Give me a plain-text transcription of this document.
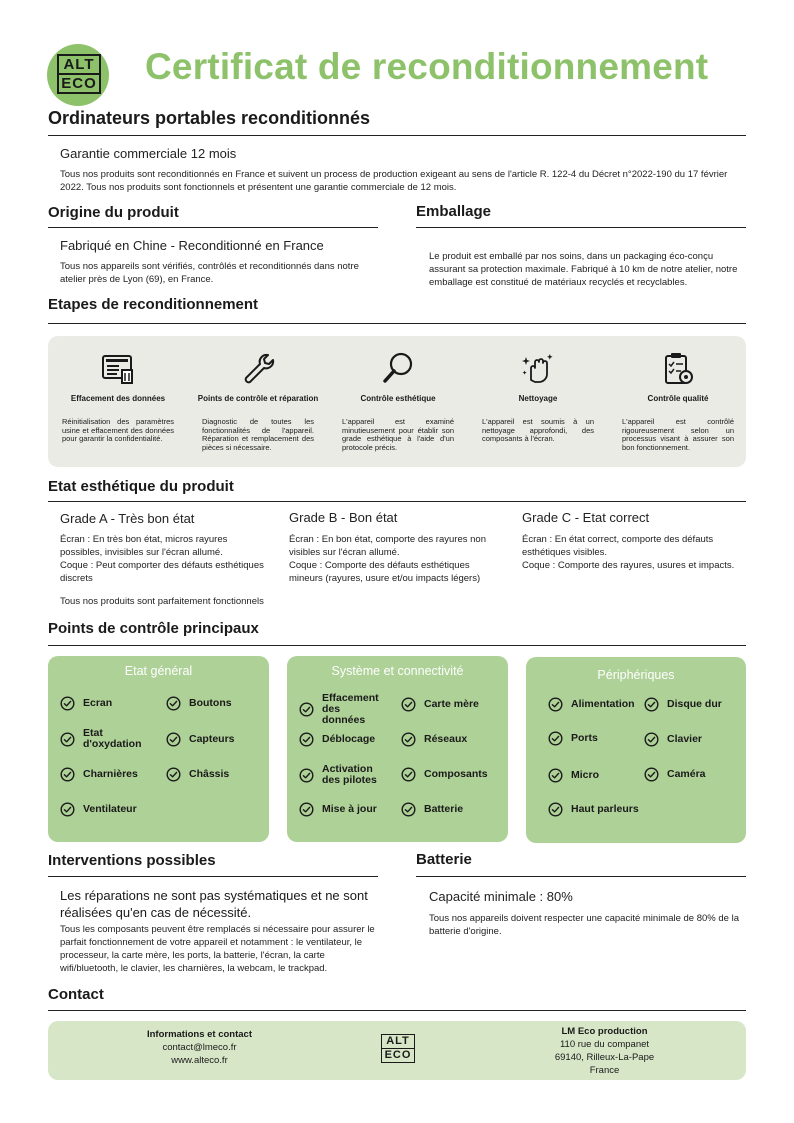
ALT
ECO Certificat de reconditionnement
Ordinateurs portables reconditionnés
Garantie commerciale 12 mois
Tous nos produits sont reconditionnés en France et suivent un process de production exigeant au sens de l'article R. 122-4 du Décret n°2022-190 du 17 février 2022. Tous nos produits sont fonctionnels et présentent une garantie commerciale de 12 mois.
Origine du produit
Fabriqué en Chine - Reconditionné en France
Tous nos appareils sont vérifiés, contrôlés et reconditionnés dans notre atelier près de Lyon (69), en France.
Emballage
Le produit est emballé par nos soins, dans un packaging éco-conçu assurant sa protection maximale. Fabriqué à 10 km de notre atelier, notre emballage est constitué de matériaux recyclés et recyclables.
Etapes de reconditionnement
Effacement des données
Réinitialisation des paramètres usine et effacement des données pour garantir la confidentialité.
Points de contrôle et réparation
Diagnostic de toutes les fonctionnalités de l'appareil. Réparation et remplacement des pièces si nécessaire.
Contrôle esthétique
L'appareil est examiné minutieusement pour établir son grade esthétique à l'aide d'un protocole précis.
Nettoyage
L'appareil est soumis à un nettoyage approfondi, des composants à l'écran.
Contrôle qualité
L'appareil est contrôlé rigoureusement selon un processus visant à assurer son bon fonctionnement.
Etat esthétique du produit
Grade A - Très bon état
Écran : En très bon état, micros rayures possibles, invisibles sur l'écran allumé.
Coque : Peut comporter des défauts esthétiques discrets
Grade B - Bon état
Écran : En bon état, comporte des rayures non visibles sur l'écran allumé.
Coque : Comporte des défauts esthétiques mineurs (rayures, usure et/ou impacts légers)
Grade C - Etat correct
Écran : En état correct, comporte des défauts esthétiques visibles.
Coque : Comporte des rayures, usures et impacts.
Tous nos produits sont parfaitement fonctionnels
Points de contrôle principaux
Etat général
Ecran	Boutons
Etat d'oxydation	Capteurs
Charnières	Châssis
Ventilateur
Système et connectivité
Effacement des données
Carte mère
Déblocage	Réseaux
Activation des pilotes	Composants
Mise à jour	Batterie
Périphériques
Alimentation	Disque dur
Ports	Clavier
Micro	Caméra
Haut parleurs
Interventions possibles
Les réparations ne sont pas systématiques et ne sont réalisées qu'en cas de nécessité.
Tous les composants peuvent être remplacés si nécessaire pour assurer le parfait fonctionnement de votre appareil et notamment : le ventilateur, le processeur, la carte mère, les ports, la batterie, l'écran, la carte wifi/bluetooth, le clavier, les charnières, la webcam, le trackpad.
Batterie
Capacité minimale : 80%
Tous nos appareils doivent respecter une capacité minimale de 80% de la batterie d'origine.
Contact
Informations et contact
contact@lmeco.fr
www.alteco.fr
ALT
ECO
LM Eco production
110 rue du companet
69140, Rilleux-La-Pape
France
